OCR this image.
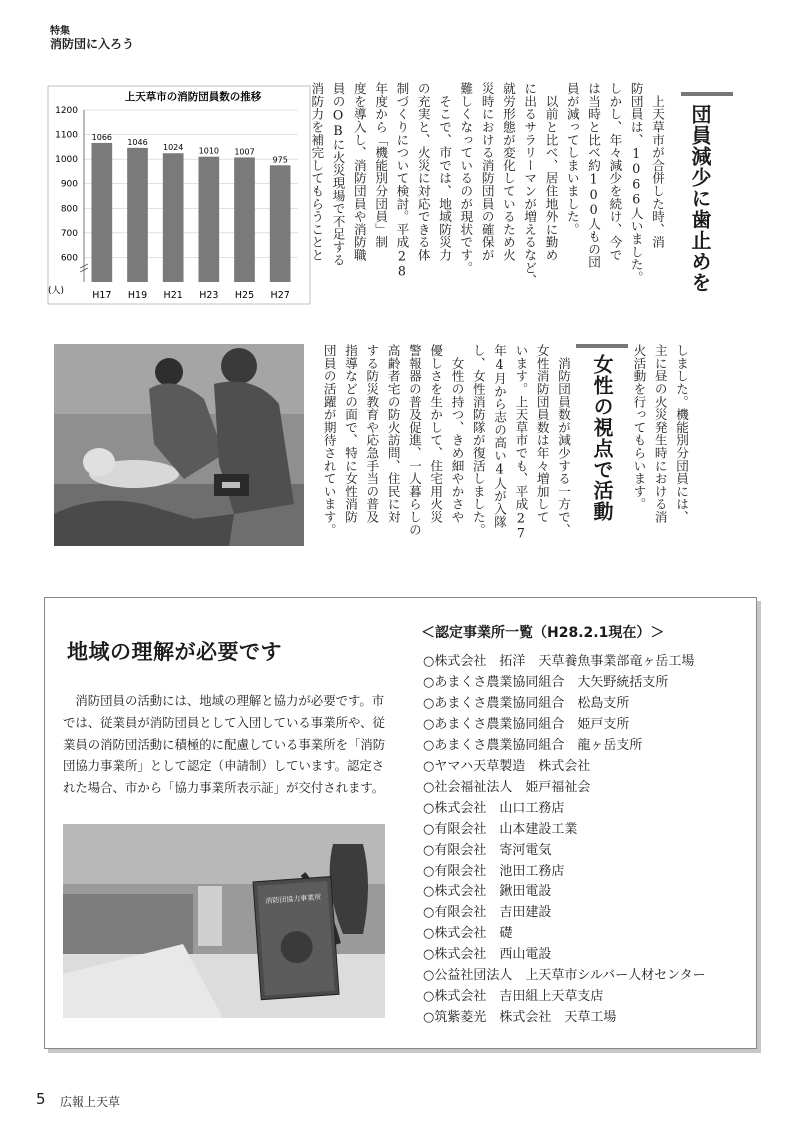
特集
消防団に入ろう
上天草市の消防団員数の推移
1066
1046
1024 1010 1007
975
600
700
800
900
1000
1100
1200
H17 H19 H21 H23 H25 H27
(人)	団員減少に歯止めを
　上天草市が合併した時、消
防団員は、1066人いました。
しかし、年々減少を続け、今で
は当時と比べ約100人もの団
員が減ってしまいました。
　以前と比べ、居住地外に勤め
に出るサラリーマンが増えるなど、
就労形態が変化しているため火
災時における消防団員の確保が
難しくなっているのが現状です。
　そこで、市では、地域防災力
の充実と、火災に対応できる体
制づくりについて検討。平成28
年度から「機能別分団員」制
度を導入し、消防団員や消防職
員のOBに火災現場で不足する
消防力を補完してもらうことと
しました。機能別分団員には、
主に昼の火災発生時における消
火活動を行ってもらいます。
女性の視点で活動
　消防団員数が減少する一方で、
女性消防団員数は年々増加して
います。上天草市でも、平成27
年4月から志の高い4人が入隊
し、女性消防隊が復活しました。
　女性の持つ、きめ細やかさや
優しさを生かして、住宅用火災
警報器の普及促進、一人暮らしの
高齢者宅の防火訪問、住民に対
する防災教育や応急手当の普及
指導などの面で、特に女性消防
団員の活躍が期待されています。
地域の理解が必要です
消防団員の活動には、地域の理解と協力が必要です。市では、従業員が消防団員として入団している事業所や、従業員の消防団活動に積極的に配慮している事業所を「消防団協力事業所」として認定（申請制）しています。認定された場合、市から「協力事業所表示証」が交付されます。
消防団協力事業所
＜認定事業所一覧（H28.2.1現在）＞
○株式会社　拓洋　天草養魚事業部竜ヶ岳工場
○あまくさ農業協同組合　大矢野統括支所
○あまくさ農業協同組合　松島支所
○あまくさ農業協同組合　姫戸支所
○あまくさ農業協同組合　龍ヶ岳支所
○ヤマハ天草製造　株式会社
○社会福祉法人　姫戸福祉会
○株式会社　山口工務店
○有限会社　山本建設工業
○有限会社　寄河電気
○有限会社　池田工務店
○株式会社　鍬田電設
○有限会社　吉田建設
○株式会社　礎
○株式会社　西山電設
○公益社団法人　上天草市シルバー人材センター
○株式会社　吉田組上天草支店
○筑紫菱光　株式会社　天草工場
5 広報上天草
